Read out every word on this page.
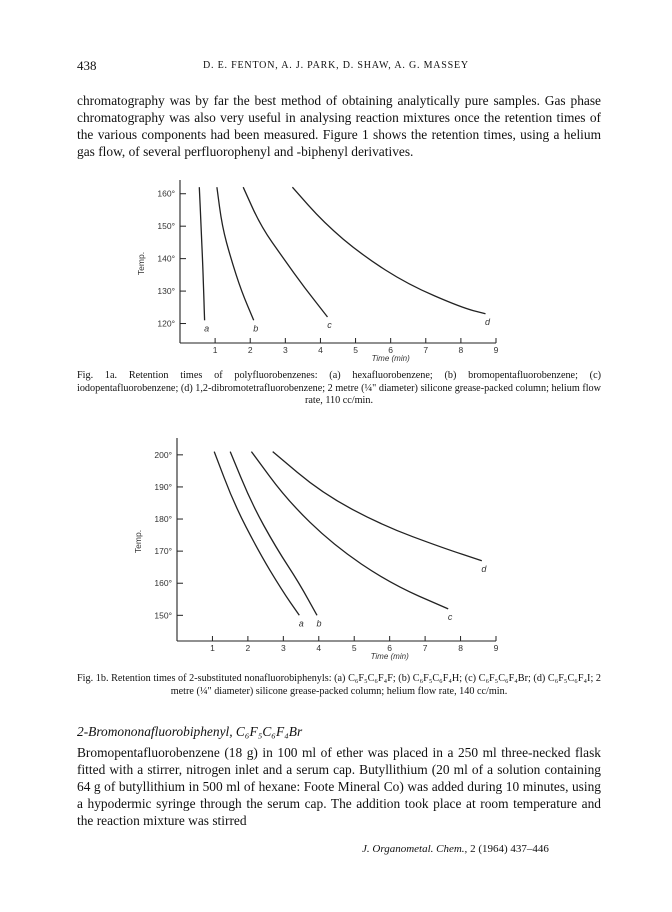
438	D. E. FENTON, A. J. PARK, D. SHAW, A. G. MASSEY
chromatography was by far the best method of obtaining analytically pure samples. Gas phase chromatography was also very useful in analysing reaction mixtures once the retention times of the various components had been measured. Figure 1 shows the retention times, using a helium gas flow, of several perfluorophenyl and -biphenyl derivatives.
120°
130°
140°
150°
160°
1	2	3	4	5	6	7	8	9
Time (min)
Temp.
a	b	c	d
150°
160°
170°
180°
190°
200°
1	2	3	4	5	6	7	8	9
Time (min)
Temp.
a b
c
d
Fig. 1a. Retention times of polyfluorobenzenes: (a) hexafluorobenzene; (b) bromopentafluorobenzene; (c) iodopentafluorobenzene; (d) 1,2-dibromotetrafluorobenzene; 2 metre (¼" diameter) silicone grease-packed column; helium flow rate, 110 cc/min.
Fig. 1b. Retention times of 2-substituted nonafluorobiphenyls: (a) C₆F₅C₆F₄F; (b) C₆F₅C₆F₄H; (c) C₆F₅C₆F₄Br; (d) C₆F₅C₆F₄I; 2 metre (¼" diameter) silicone grease-packed column; helium flow rate, 140 cc/min.
2-Bromononafluorobiphenyl, C₆F₅C₆F₄Br
Bromopentafluorobenzene (18 g) in 100 ml of ether was placed in a 250 ml three-necked flask fitted with a stirrer, nitrogen inlet and a serum cap. Butyllithium (20 ml of a solution containing 64 g of butyllithium in 500 ml of hexane: Foote Mineral Co) was added during 10 minutes, using a hypodermic syringe through the serum cap. The addition took place at room temperature and the reaction mixture was stirred
J. Organometal. Chem., 2 (1964) 437–446
